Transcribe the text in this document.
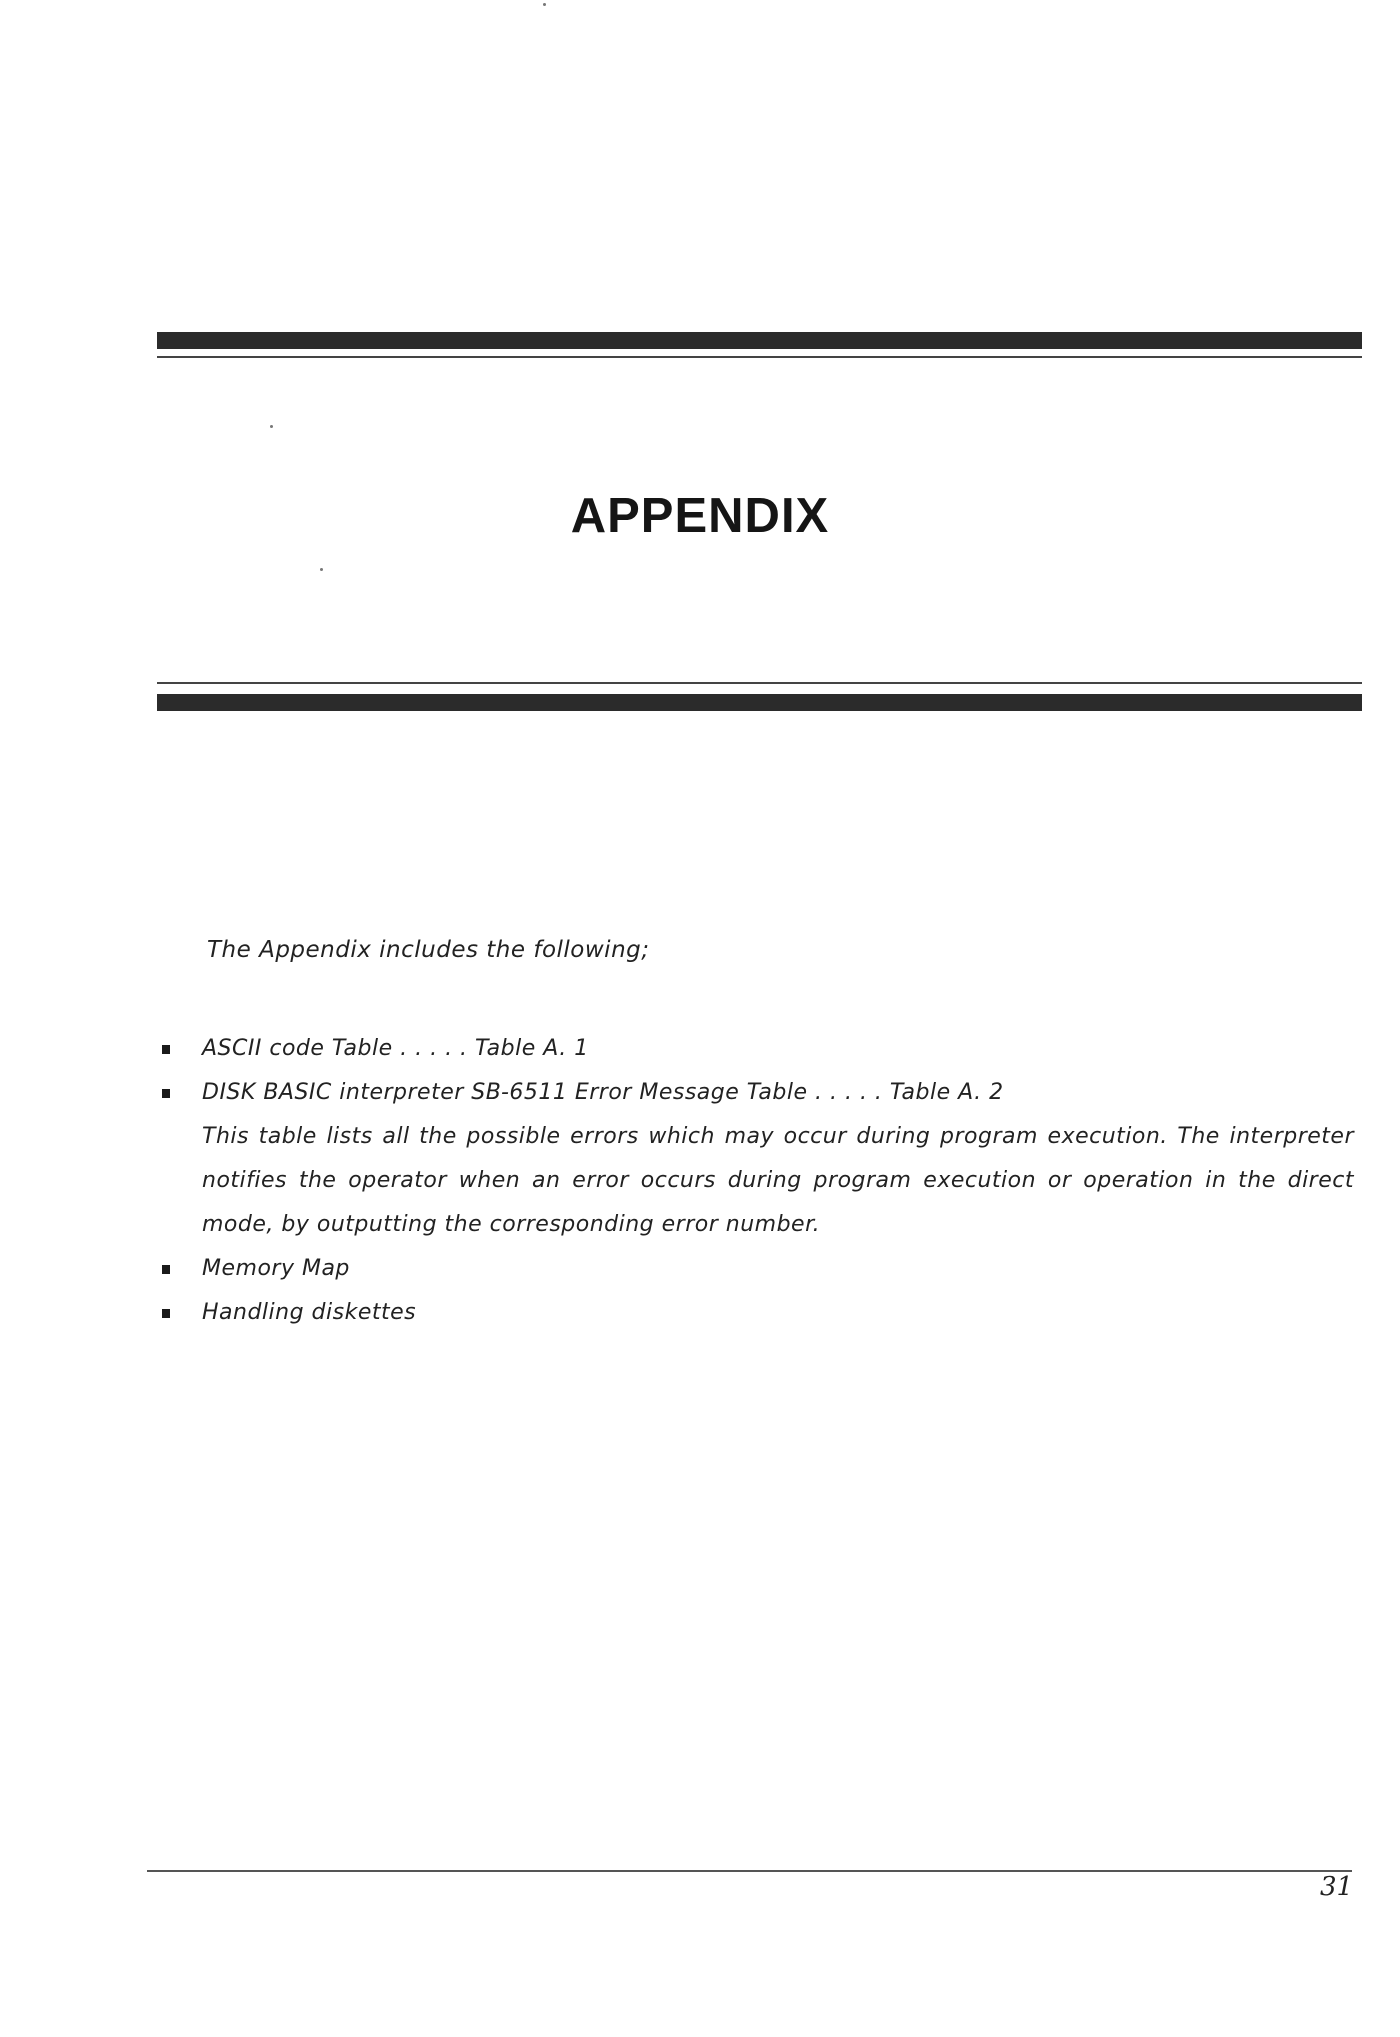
APPENDIX
The Appendix includes the following;
ASCII code Table . . . . . Table A. 1
DISK BASIC interpreter SB-6511 Error Message Table . . . . . Table A. 2
This table lists all the possible errors which may occur during program execution. The interpreter notifies the operator when an error occurs during program execution or operation in the direct mode, by outputting the corresponding error number.
Memory Map
Handling diskettes
31
